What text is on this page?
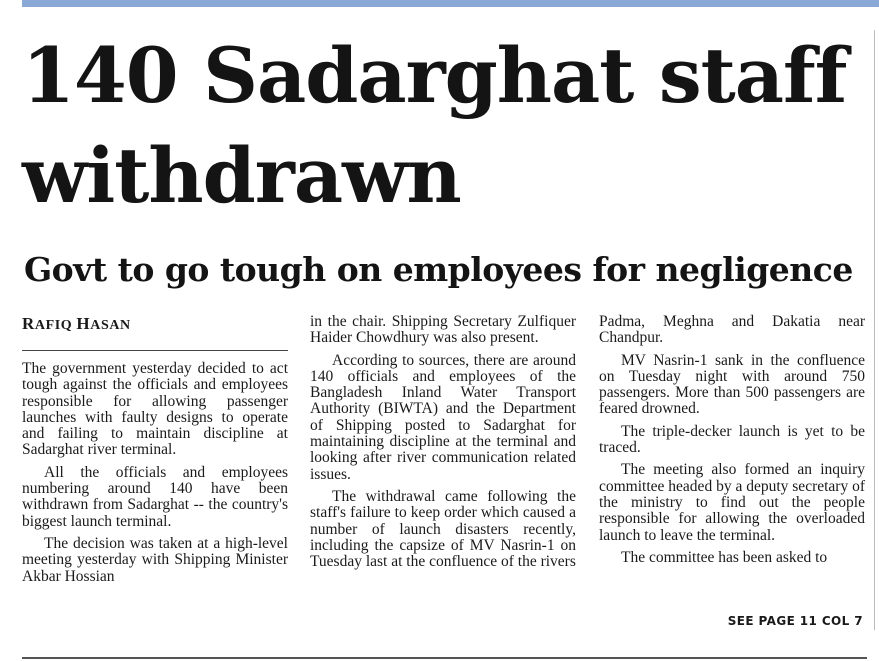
140 Sadarghat staff withdrawn
Govt to go tough on employees for negligence
RAFIQ HASAN

The government yesterday decided to act tough against the officials and employees responsible for allowing passenger launches with faulty designs to operate and failing to maintain discipline at Sadarghat river terminal.

All the officials and employees numbering around 140 have been withdrawn from Sadarghat -- the country's biggest launch terminal.

The decision was taken at a high-level meeting yesterday with Shipping Minister Akbar Hossian

in the chair. Shipping Secretary Zulfiquer Haider Chowdhury was also present.

According to sources, there are around 140 officials and employees of the Bangladesh Inland Water Transport Authority (BIWTA) and the Department of Shipping posted to Sadarghat for maintaining discipline at the terminal and looking after river communication related issues.

The withdrawal came following the staff's failure to keep order which caused a number of launch disasters recently, including the capsize of MV Nasrin-1 on Tuesday last at the confluence of the rivers

Padma, Meghna and Dakatia near Chandpur.

MV Nasrin-1 sank in the confluence on Tuesday night with around 750 passengers. More than 500 passengers are feared drowned.

The triple-decker launch is yet to be traced.

The meeting also formed an inquiry committee headed by a deputy secretary of the ministry to find out the people responsible for allowing the overloaded launch to leave the terminal.

The committee has been asked to

SEE PAGE 11 COL 7
